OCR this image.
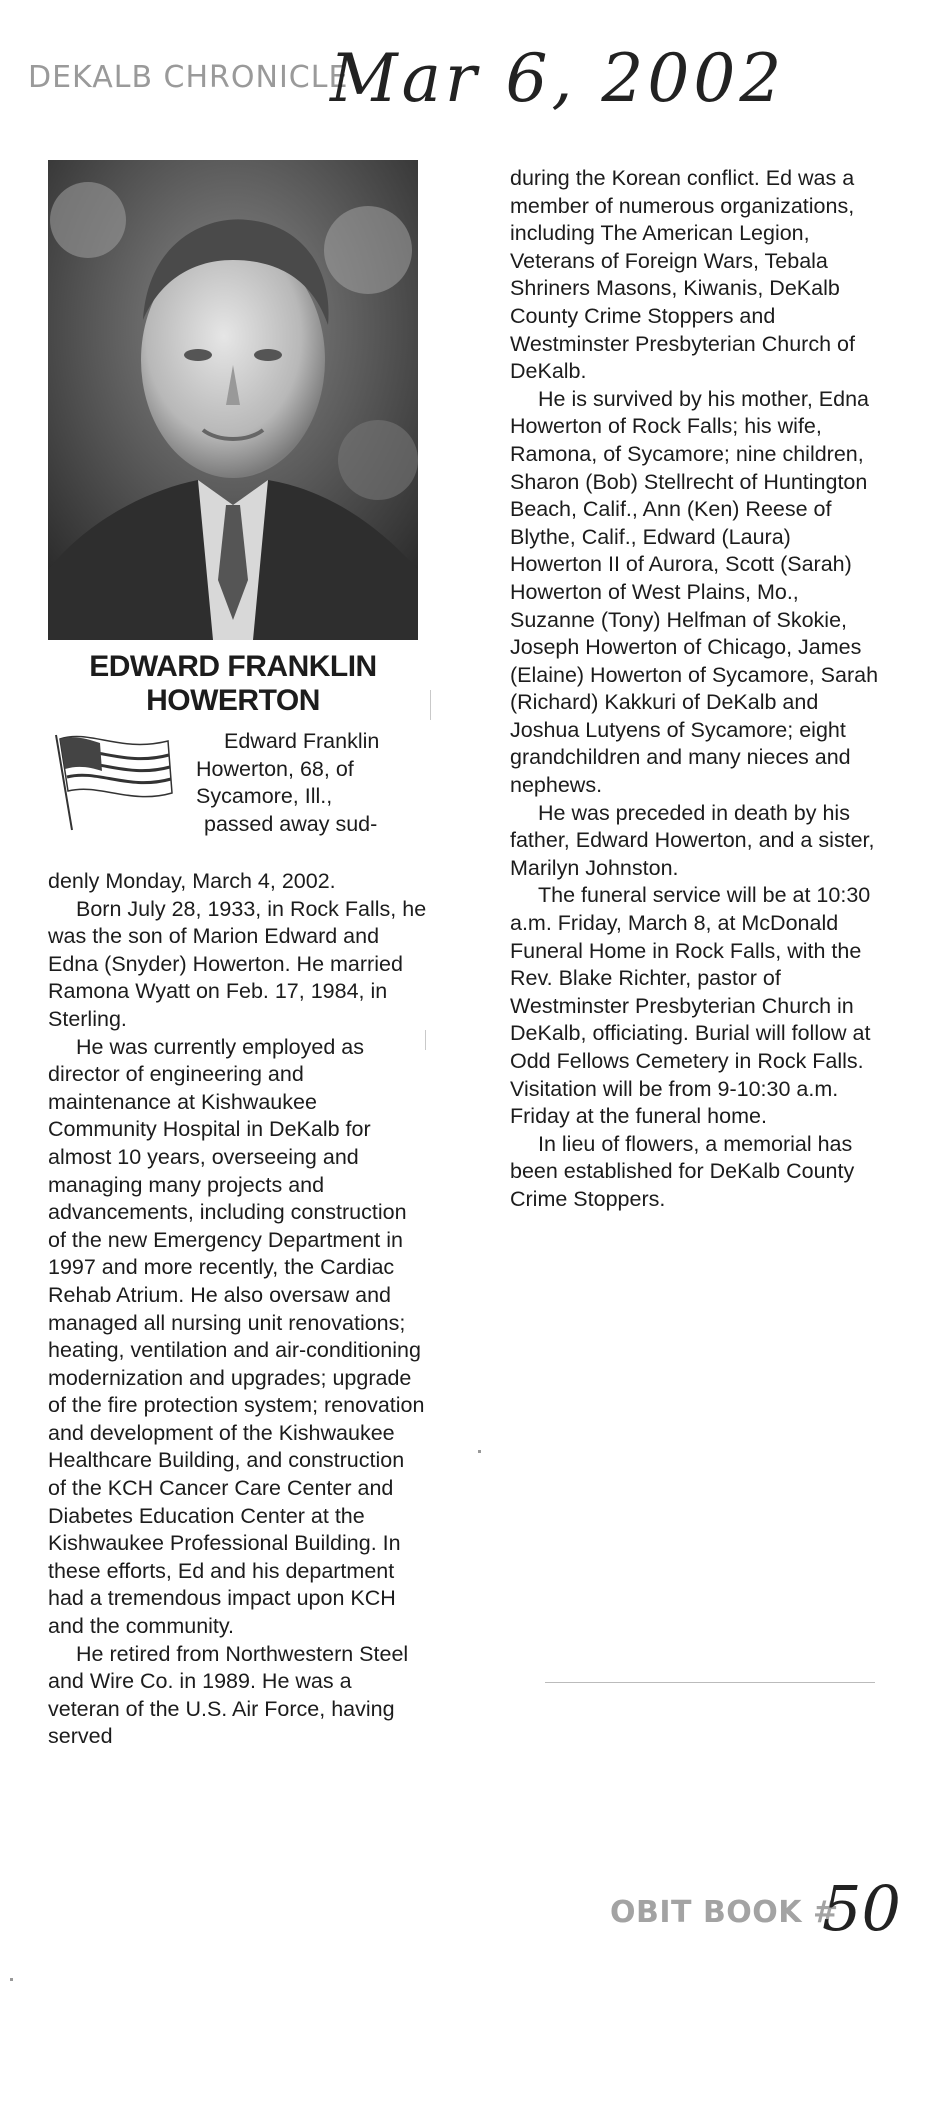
DEKALB CHRONICLE
Mar 6, 2002
EDWARD FRANKLIN
HOWERTON

Edward Franklin

Howerton, 68, of

Sycamore, Ill.,

passed away sud-

denly Monday, March 4, 2002.

Born July 28, 1933, in Rock Falls, he was the son of Marion Edward and Edna (Snyder) Howerton. He married Ramona Wyatt on Feb. 17, 1984, in Sterling.

He was currently employed as director of engineering and maintenance at Kishwaukee Community Hospital in DeKalb for almost 10 years, overseeing and managing many projects and advancements, including construction of the new Emergency Department in 1997 and more recently, the Cardiac Rehab Atrium. He also oversaw and managed all nursing unit renovations; heating, ventilation and air-conditioning modernization and upgrades; upgrade of the fire protection system; renovation and development of the Kishwaukee Healthcare Building, and construction of the KCH Cancer Care Center and Diabetes Education Center at the Kishwaukee Professional Building. In these efforts, Ed and his department had a tremendous impact upon KCH and the community.

He retired from Northwestern Steel and Wire Co. in 1989. He was a veteran of the U.S. Air Force, having served

during the Korean conflict. Ed was a member of numerous organizations, including The American Legion, Veterans of Foreign Wars, Tebala Shriners Masons, Kiwanis, DeKalb County Crime Stoppers and Westminster Presbyterian Church of DeKalb.

He is survived by his mother, Edna Howerton of Rock Falls; his wife, Ramona, of Sycamore; nine children, Sharon (Bob) Stellrecht of Huntington Beach, Calif., Ann (Ken) Reese of Blythe, Calif., Edward (Laura) Howerton II of Aurora, Scott (Sarah) Howerton of West Plains, Mo., Suzanne (Tony) Helfman of Skokie, Joseph Howerton of Chicago, James (Elaine) Howerton of Sycamore, Sarah (Richard) Kakkuri of DeKalb and Joshua Lutyens of Sycamore; eight grandchildren and many nieces and nephews.

He was preceded in death by his father, Edward Howerton, and a sister, Marilyn Johnston.

The funeral service will be at 10:30 a.m. Friday, March 8, at McDonald Funeral Home in Rock Falls, with the Rev. Blake Richter, pastor of Westminster Presbyterian Church in DeKalb, officiating. Burial will follow at Odd Fellows Cemetery in Rock Falls. Visitation will be from 9-10:30 a.m. Friday at the funeral home.

In lieu of flowers, a memorial has been established for DeKalb County Crime Stoppers.

OBIT BOOK #
50
